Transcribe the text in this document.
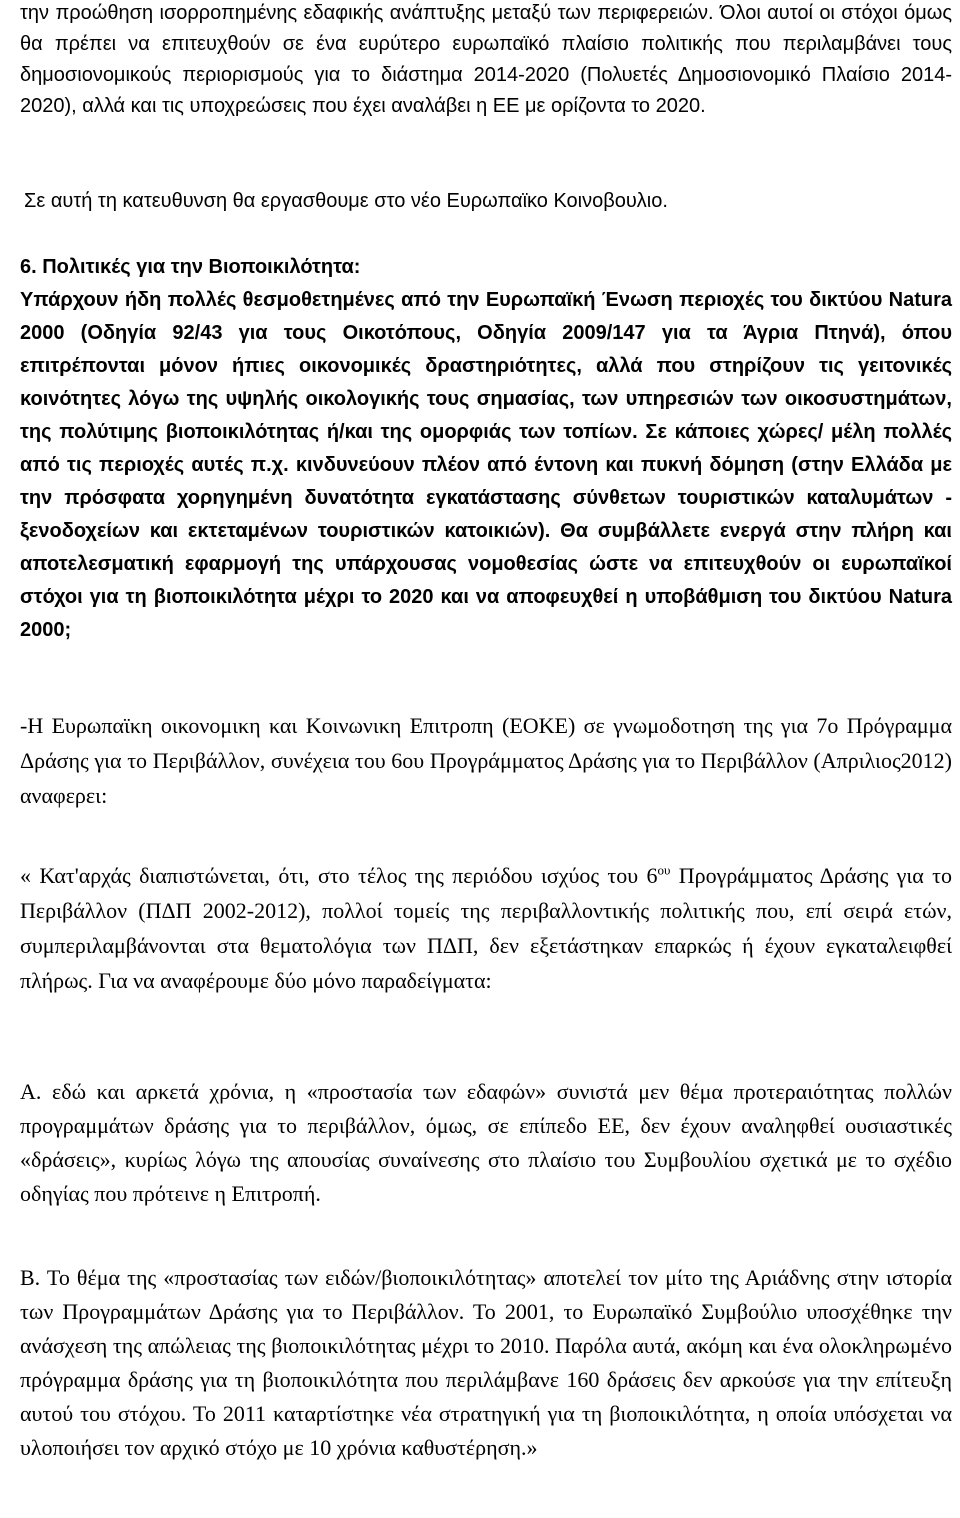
την προώθηση ισορροπημένης εδαφικής ανάπτυξης μεταξύ των περιφερειών. Όλοι αυτοί οι στόχοι όμως θα πρέπει να επιτευχθούν σε ένα ευρύτερο ευρωπαϊκό πλαίσιο πολιτικής που περιλαμβάνει τους δημοσιονομικούς περιορισμούς για το διάστημα 2014-2020 (Πολυετές Δημοσιονομικό Πλαίσιο 2014-2020), αλλά και τις υποχρεώσεις που έχει αναλάβει η ΕΕ με ορίζοντα το 2020.

Σε αυτή τη κατευθυνση θα εργασθουμε στο νέο Ευρωπαϊκο Κοινοβουλιο.

6. Πολιτικές για την Βιοποικιλότητα:

Υπάρχουν ήδη πολλές θεσμοθετημένες από την Ευρωπαϊκή Ένωση περιοχές του δικτύου Natura 2000 (Οδηγία 92/43 για τους Οικοτόπους, Οδηγία 2009/147 για τα Άγρια Πτηνά), όπου επιτρέπονται μόνον ήπιες οικονομικές δραστηριότητες, αλλά που στηρίζουν τις γειτονικές κοινότητες λόγω της υψηλής οικολογικής τους σημασίας, των υπηρεσιών των οικοσυστημάτων, της πολύτιμης βιοποικιλότητας ή/και της ομορφιάς των τοπίων. Σε κάποιες χώρες/ μέλη πολλές από τις περιοχές αυτές π.χ. κινδυνεύουν πλέον από έντονη και πυκνή δόμηση (στην Ελλάδα με την πρόσφατα χορηγημένη δυνατότητα εγκατάστασης σύνθετων τουριστικών καταλυμάτων - ξενοδοχείων και εκτεταμένων τουριστικών κατοικιών). Θα συμβάλλετε ενεργά στην πλήρη και αποτελεσματική εφαρμογή της υπάρχουσας νομοθεσίας ώστε να επιτευχθούν οι ευρωπαϊκοί στόχοι για τη βιοποικιλότητα μέχρι το 2020 και να αποφευχθεί η υποβάθμιση του δικτύου Natura 2000;

-Η Ευρωπαϊκη οικονομικη και Κοινωνικη Επιτροπη (ΕΟΚΕ) σε γνωμοδοτηση της για 7ο Πρόγραμμα Δράσης για το Περιβάλλον, συνέχεια του 6ου Προγράμματος Δράσης για το Περιβάλλον (Απριλιος2012) αναφερει:

« Κατ'αρχάς διαπιστώνεται, ότι, στο τέλος της περιόδου ισχύος του $6^{o\upsilon}$ Προγράμματος Δράσης για το Περιβάλλον (ΠΔΠ 2002-2012), πολλοί τομείς της περιβαλλοντικής πολιτικής που, επί σειρά ετών, συμπεριλαμβάνονται στα θεματολόγια των ΠΔΠ, δεν εξετάστηκαν επαρκώς ή έχουν εγκαταλειφθεί πλήρως. Για να αναφέρουμε δύο μόνο παραδείγματα:

Α. εδώ και αρκετά χρόνια, η «προστασία των εδαφών» συνιστά μεν θέμα προτεραιότητας πολλών προγραμμάτων δράσης για το περιβάλλον, όμως, σε επίπεδο ΕΕ, δεν έχουν αναληφθεί ουσιαστικές «δράσεις», κυρίως λόγω της απουσίας συναίνεσης στο πλαίσιο του Συμβουλίου σχετικά με το σχέδιο οδηγίας που πρότεινε η Επιτροπή.

Β. Το θέμα της «προστασίας των ειδών/βιοποικιλότητας» αποτελεί τον μίτο της Αριάδνης στην ιστορία των Προγραμμάτων Δράσης για το Περιβάλλον. Το 2001, το Ευρωπαϊκό Συμβούλιο υποσχέθηκε την ανάσχεση της απώλειας της βιοποικιλότητας μέχρι το 2010. Παρόλα αυτά, ακόμη και ένα ολοκληρωμένο πρόγραμμα δράσης για τη βιοποικιλότητα που περιλάμβανε 160 δράσεις δεν αρκούσε για την επίτευξη αυτού του στόχου. Το 2011 καταρτίστηκε νέα στρατηγική για τη βιοποικιλότητα, η οποία υπόσχεται να υλοποιήσει τον αρχικό στόχο με 10 χρόνια καθυστέρηση.»
